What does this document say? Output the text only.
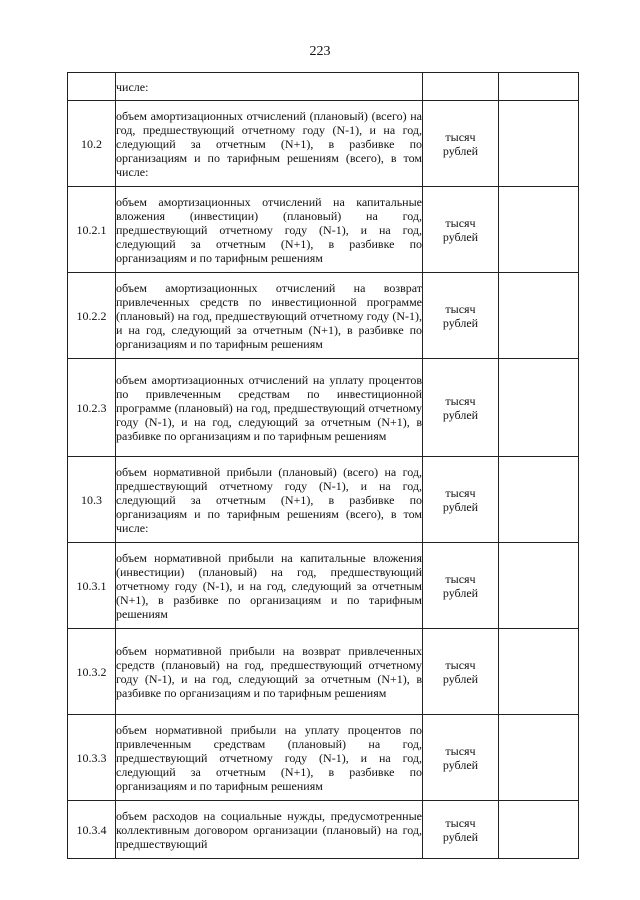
223
	числе:	

10.2	объем амортизационных отчислений (плановый) (всего) на год, предшествующий отчетному году (N-1), и на год, следующий за отчетным (N+1), в разбивке по организациям и по тарифным решениям (всего), в том числе:	тысяч
рублей	

10.2.1	объем амортизационных отчислений на капитальные вложения (инвестиции) (плановый) на год, предшествующий отчетному году (N-1), и на год, следующий за отчетным (N+1), в разбивке по организациям и по тарифным решениям	тысяч
рублей	

10.2.2	объем амортизационных отчислений на возврат привлеченных средств по инвестиционной программе (плановый) на год, предшествующий отчетному году (N-1), и на год, следующий за отчетным (N+1), в разбивке по организациям и по тарифным решениям	тысяч
рублей	

10.2.3	объем амортизационных отчислений на уплату процентов по привлеченным средствам по инвестиционной программе (плановый) на год, предшествующий отчетному году (N-1), и на год, следующий за отчетным (N+1), в разбивке по организациям и по тарифным решениям	тысяч
рублей	

10.3	объем нормативной прибыли (плановый) (всего) на год, предшествующий отчетному году (N-1), и на год, следующий за отчетным (N+1), в разбивке по организациям и по тарифным решениям (всего), в том числе:	тысяч
рублей	

10.3.1	объем нормативной прибыли на капитальные вложения (инвестиции) (плановый) на год, предшествующий отчетному году (N-1), и на год, следующий за отчетным (N+1), в разбивке по организациям и по тарифным решениям	тысяч
рублей	

10.3.2	объем нормативной прибыли на возврат привлеченных средств (плановый) на год, предшествующий отчетному году (N-1), и на год, следующий за отчетным (N+1), в разбивке по организациям и по тарифным решениям	тысяч
рублей	

10.3.3	объем нормативной прибыли на уплату процентов по привлеченным средствам (плановый) на год, предшествующий отчетному году (N-1), и на год, следующий за отчетным (N+1), в разбивке по организациям и по тарифным решениям	тысяч
рублей	

10.3.4	объем расходов на социальные нужды, предусмотренные коллективным договором организации (плановый) на год, предшествующий	тысяч
рублей	
